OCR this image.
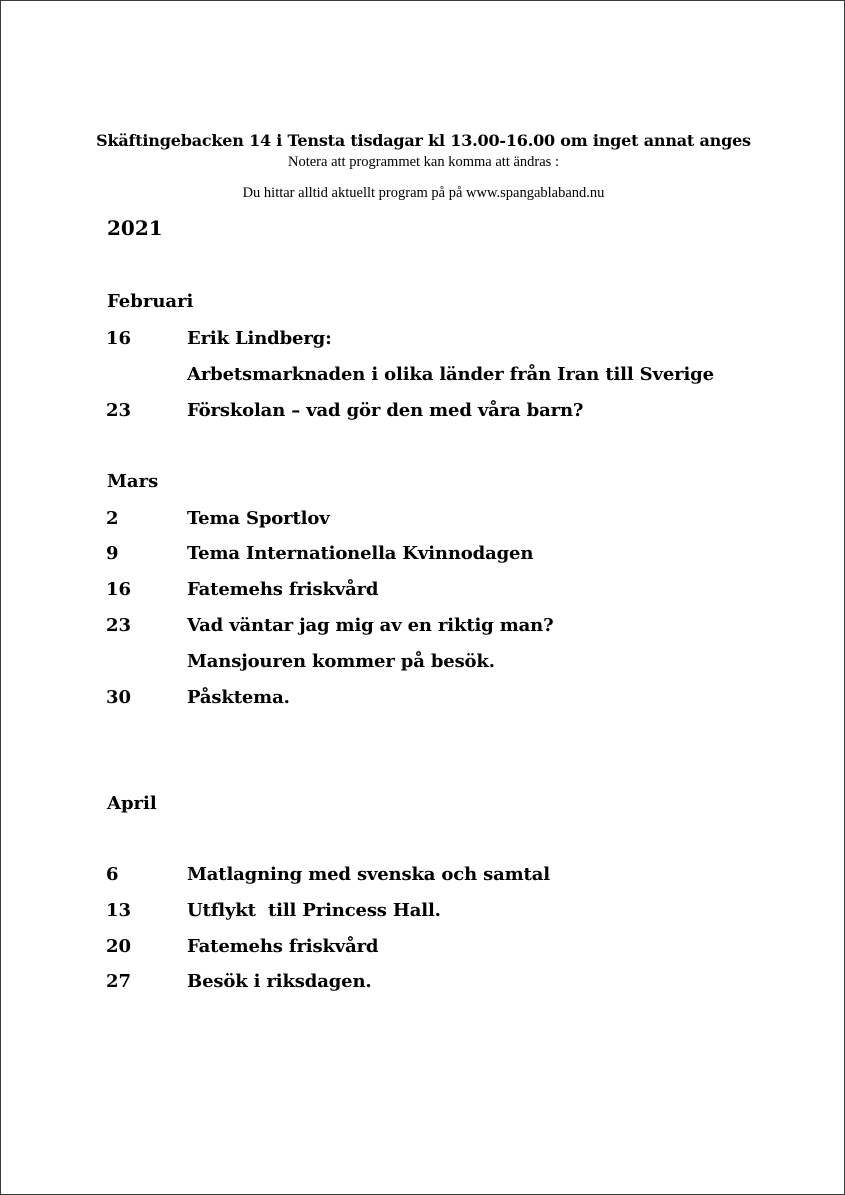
Skäftingebacken 14 i Tensta tisdagar kl 13.00-16.00 om inget annat anges
Notera att programmet kan komma att ändras :
Du hittar alltid aktuellt program på på www.spangablaband.nu
2021
Februari
16	Erik Lindberg:
Arbetsmarknaden i olika länder från Iran till Sverige
23	Förskolan – vad gör den med våra barn?
Mars
2	Tema Sportlov
9	Tema Internationella Kvinnodagen
16	Fatemehs friskvård
23	Vad väntar jag mig av en riktig man?
Mansjouren kommer på besök.
30	Påsktema.
April
6	Matlagning med svenska och samtal
13	Utflykt  till Princess Hall.
20	Fatemehs friskvård
27	Besök i riksdagen.
